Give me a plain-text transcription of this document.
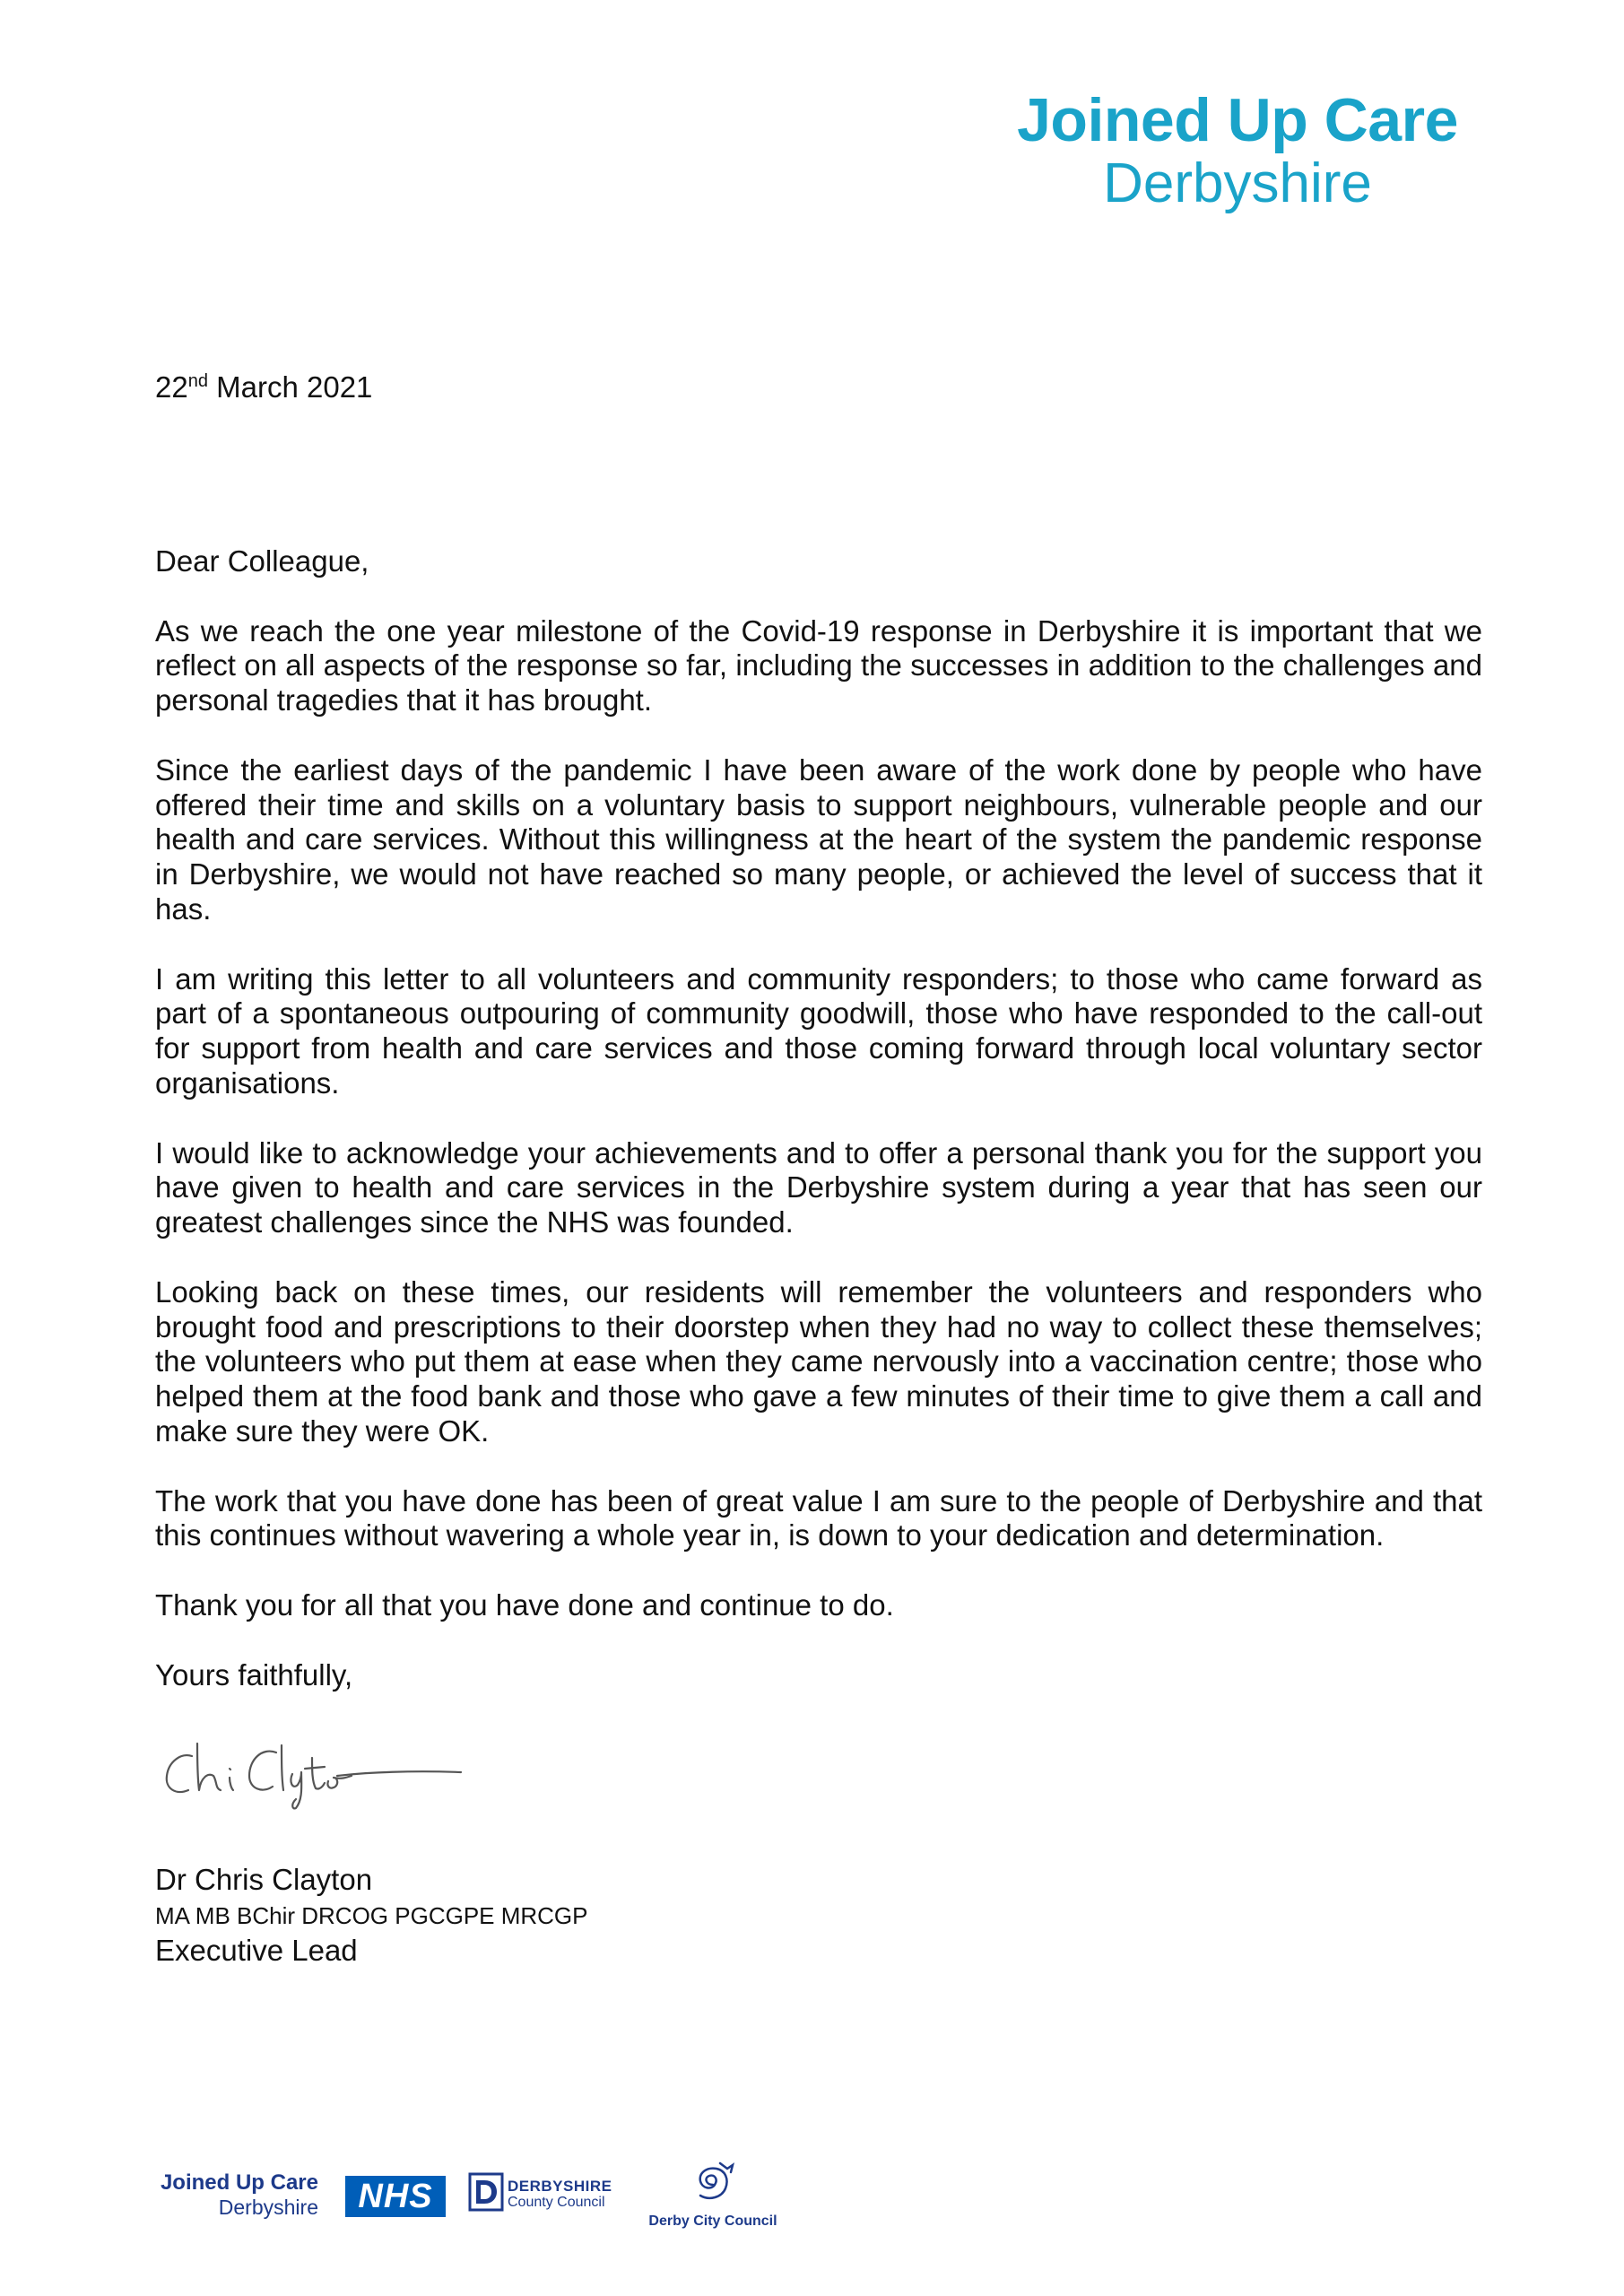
Joined Up Care
Derbyshire
22nd March 2021

Dear Colleague,

As we reach the one year milestone of the Covid-19 response in Derbyshire it is important that we reflect on all aspects of the response so far, including the successes in addition to the challenges and personal tragedies that it has brought.

Since the earliest days of the pandemic I have been aware of the work done by people who have offered their time and skills on a voluntary basis to support neighbours, vulnerable people and our health and care services. Without this willingness at the heart of the system the pandemic response in Derbyshire, we would not have reached so many people, or achieved the level of success that it has.

I am writing this letter to all volunteers and community responders; to those who came forward as part of a spontaneous outpouring of community goodwill, those who have responded to the call-out for support from health and care services and those coming forward through local voluntary sector organisations.

I would like to acknowledge your achievements and to offer a personal thank you for the support you have given to health and care services in the Derbyshire system during a year that has seen our greatest challenges since the NHS was founded.

Looking back on these times, our residents will remember the volunteers and responders who brought food and prescriptions to their doorstep when they had no way to collect these themselves; the volunteers who put them at ease when they came nervously into a vaccination centre; those who helped them at the food bank and those who gave a few minutes of their time to give them a call and make sure they were OK.

The work that you have done has been of great value I am sure to the people of Derbyshire and that this continues without wavering a whole year in, is down to your dedication and determination.

Thank you for all that you have done and continue to do.

Yours faithfully,

Dr Chris Clayton
MA MB BChir DRCOG PGCGPE MRCGP
Executive Lead
Joined Up Care
Derbyshire	NHS	DERBYSHIRE
County Council
Derby City Council
